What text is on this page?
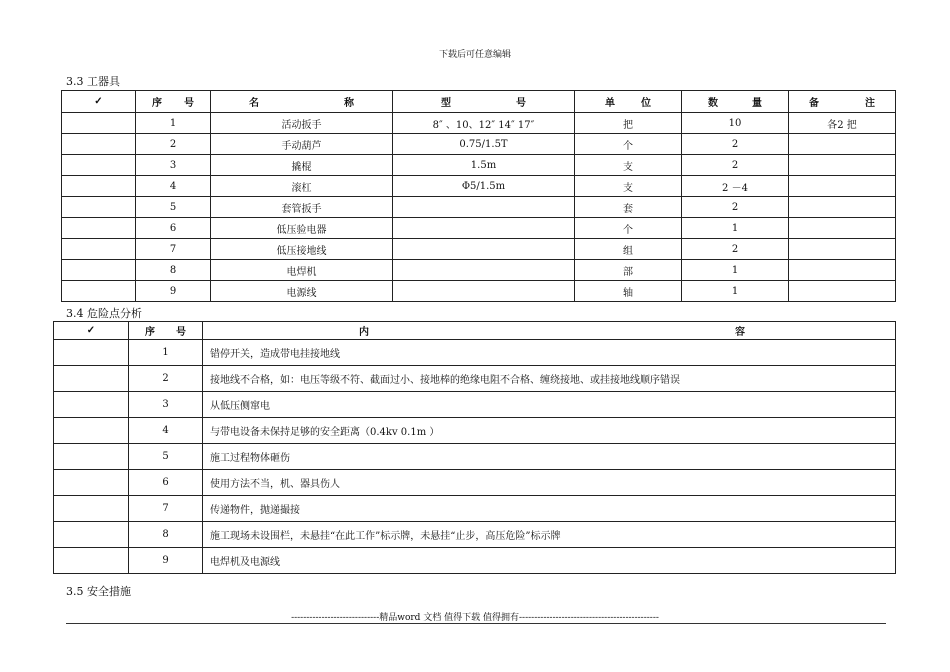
下载后可任意编辑
3.3 工器具
✓	序 号	名 称	型 号	单 位	数 量	备 注

	1	活动扳手	8″ 、10、12″ 14″ 17″	把	10	各2 把
	2	手动葫芦	0.75/1.5T	个	2	
	3	撬棍	1.5m	支	2	
	4	滚杠	Φ5/1.5m	支	2 －4	
	5	套管扳手		套	2	
	6	低压验电器		个	1	
	7	低压接地线		组	2	
	8	电焊机		部	1	
	9	电源线		轴	1	
3.4 危险点分析
✓	序 号	内 容

	1	错停开关，造成带电挂接地线
	2	接地线不合格，如：电压等级不符、截面过小、接地棒的绝缘电阻不合格、缠绕接地、或挂接地线顺序错误
	3	从低压侧窜电
	4	与带电设备未保持足够的安全距离（0.4kv 0.1m ）
	5	施工过程物体砸伤
	6	使用方法不当，机、器具伤人
	7	传递物件，抛递撮接
	8	施工现场未设围栏，未悬挂“在此工作”标示牌，未悬挂“止步，高压危险”标示牌
	9	电焊机及电源线
3.5 安全措施
-----------------------------精品word 文档 值得下载 值得拥有----------------------------------------------
